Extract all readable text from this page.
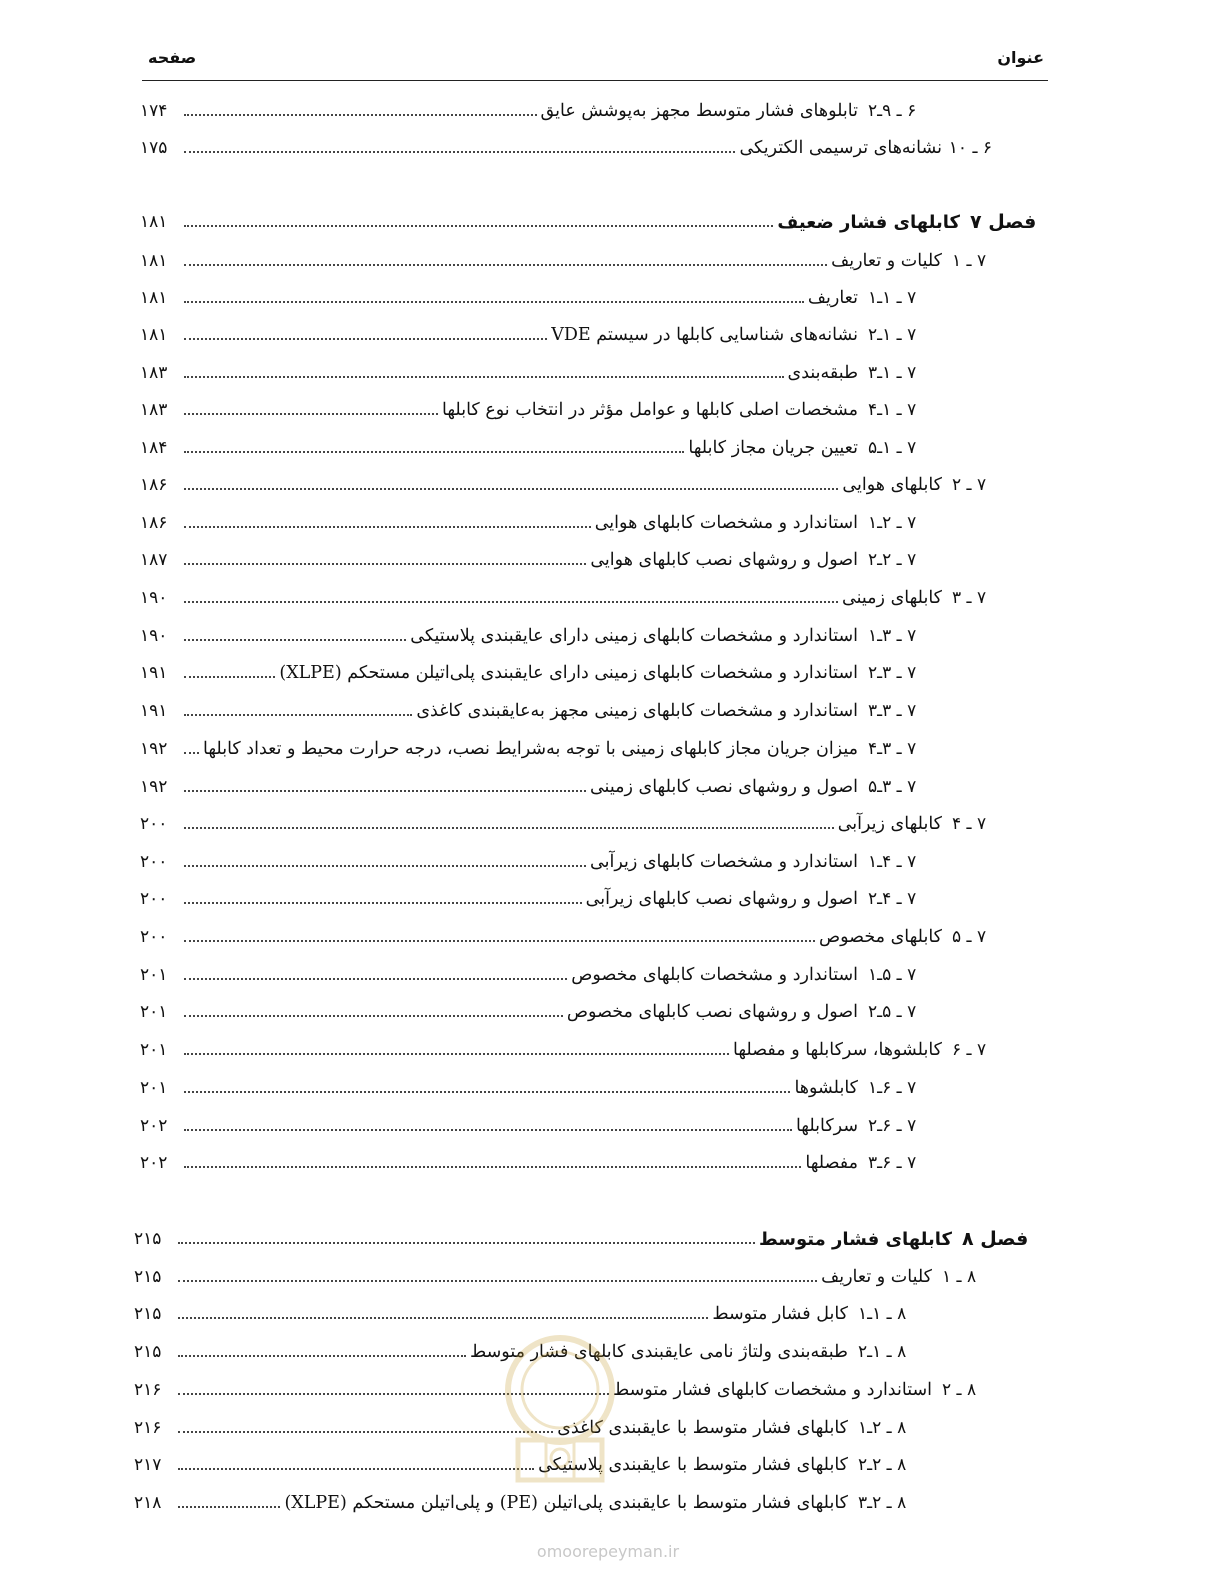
عنوان
صفحه
۶ ـ ۹ـ۲
تابلوهای فشار متوسط مجهز به‌پوشش عایق
۱۷۴
۶ ـ ۱۰
نشانه‌های ترسیمی الکتریکی
۱۷۵
فصل ۷
کابلهای فشار ضعیف
۱۸۱
۷ ـ ۱
کلیات و تعاریف
۱۸۱
۷ ـ ۱ـ۱
تعاریف
۱۸۱
۷ ـ ۱ـ۲
نشانه‌های شناسایی کابلها در سیستم VDE
۱۸۱
۷ ـ ۱ـ۳
طبقه‌بندی
۱۸۳
۷ ـ ۱ـ۴
مشخصات اصلی کابلها و عوامل مؤثر در انتخاب نوع کابلها
۱۸۳
۷ ـ ۱ـ۵
تعیین جریان مجاز کابلها
۱۸۴
۷ ـ ۲
کابلهای هوایی
۱۸۶
۷ ـ ۲ـ۱
استاندارد و مشخصات کابلهای هوایی
۱۸۶
۷ ـ ۲ـ۲
اصول و روشهای نصب کابلهای هوایی
۱۸۷
۷ ـ ۳
کابلهای زمینی
۱۹۰
۷ ـ ۳ـ۱
استاندارد و مشخصات کابلهای زمینی دارای عایقبندی پلاستیکی
۱۹۰
۷ ـ ۳ـ۲
استاندارد و مشخصات کابلهای زمینی دارای عایقبندی پلی‌اتیلن مستحکم (XLPE)
۱۹۱
۷ ـ ۳ـ۳
استاندارد و مشخصات کابلهای زمینی مجهز به‌عایقبندی کاغذی
۱۹۱
۷ ـ ۳ـ۴
میزان جریان مجاز کابلهای زمینی با توجه به‌شرایط نصب، درجه حرارت محیط و تعداد کابلها
۱۹۲
۷ ـ ۳ـ۵
اصول و روشهای نصب کابلهای زمینی
۱۹۲
۷ ـ ۴
کابلهای زیرآبی
۲۰۰
۷ ـ ۴ـ۱
استاندارد و مشخصات کابلهای زیرآبی
۲۰۰
۷ ـ ۴ـ۲
اصول و روشهای نصب کابلهای زیرآبی
۲۰۰
۷ ـ ۵
کابلهای مخصوص
۲۰۰
۷ ـ ۵ـ۱
استاندارد و مشخصات کابلهای مخصوص
۲۰۱
۷ ـ ۵ـ۲
اصول و روشهای نصب کابلهای مخصوص
۲۰۱
۷ ـ ۶
کابلشوها، سرکابلها و مفصلها
۲۰۱
۷ ـ ۶ـ۱
کابلشوها
۲۰۱
۷ ـ ۶ـ۲
سرکابلها
۲۰۲
۷ ـ ۶ـ۳
مفصلها
۲۰۲
فصل ۸
کابلهای فشار متوسط
۲۱۵
۸ ـ ۱
کلیات و تعاریف
۲۱۵
۸ ـ ۱ـ۱
کابل فشار متوسط
۲۱۵
۸ ـ ۱ـ۲
طبقه‌بندی ولتاژ نامی عایقبندی کابلهای فشار متوسط
۲۱۵
۸ ـ ۲
استاندارد و مشخصات کابلهای فشار متوسط
۲۱۶
۸ ـ ۲ـ۱
کابلهای فشار متوسط با عایقبندی کاغذی
۲۱۶
۸ ـ ۲ـ۲
کابلهای فشار متوسط با عایقبندی پلاستیکی
۲۱۷
۸ ـ ۲ـ۳
کابلهای فشار متوسط با عایقبندی پلی‌اتیلن (PE) و پلی‌اتیلن مستحکم (XLPE)
۲۱۸
omoorepeyman.ir
